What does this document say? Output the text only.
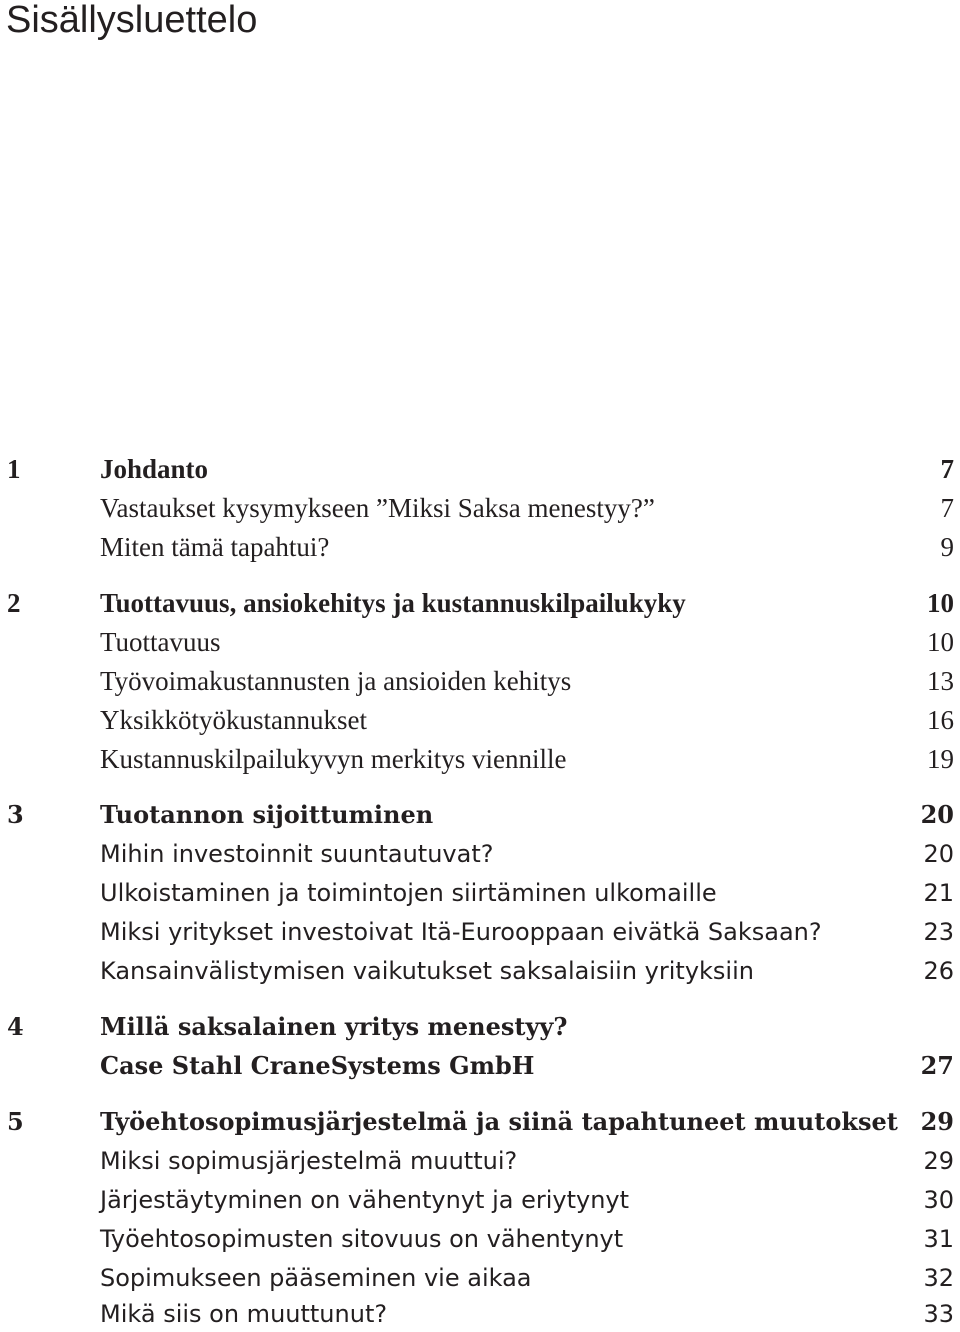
Sisällysluettelo
1	Johdanto	7
Vastaukset kysymykseen ”Miksi Saksa menestyy?”	7
Miten tämä tapahtui?	9
2	Tuottavuus, ansiokehitys ja kustannuskilpailukyky	10
Tuottavuus	10
Työvoimakustannusten ja ansioiden kehitys	13
Yksikkötyökustannukset	16
Kustannuskilpailukyvyn merkitys viennille	19
3	Tuotannon sijoittuminen	20
Mihin investoinnit suuntautuvat?	20
Ulkoistaminen ja toimintojen siirtäminen ulkomaille	21
Miksi yritykset investoivat Itä-Eurooppaan eivätkä Saksaan?	23
Kansainvälistymisen vaikutukset saksalaisiin yrityksiin	26
4	Millä saksalainen yritys menestyy?
Case Stahl CraneSystems GmbH	27
5	Työehtosopimusjärjestelmä ja siinä tapahtuneet muutokset 29
Miksi sopimusjärjestelmä muuttui?	29
Järjestäytyminen on vähentynyt ja eriytynyt	30
Työehtosopimusten sitovuus on vähentynyt	31
Sopimukseen pääseminen vie aikaa	32
Mikä siis on muuttunut?	33
